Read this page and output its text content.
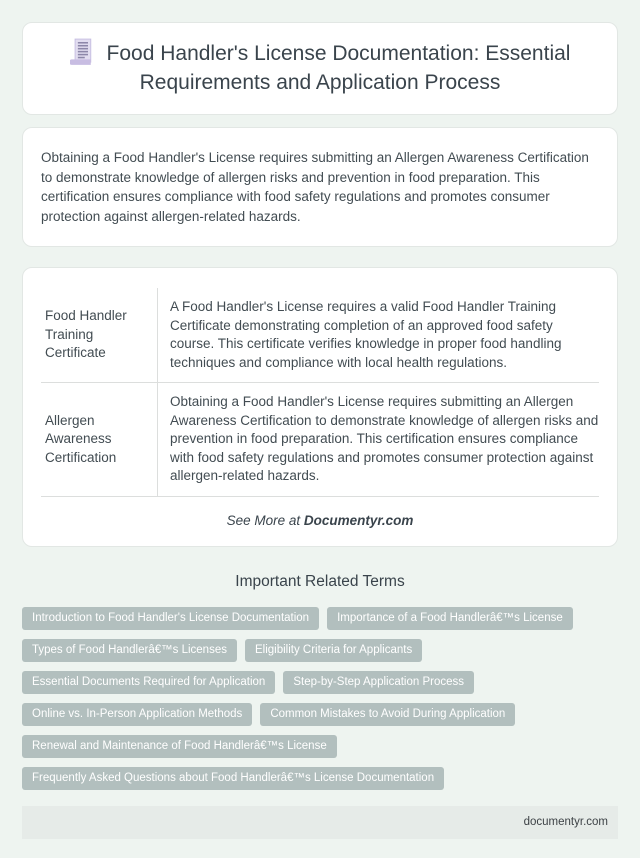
Food Handler's License Documentation: Essential Requirements and Application Process

Obtaining a Food Handler's License requires submitting an Allergen Awareness Certification to demonstrate knowledge of allergen risks and prevention in food preparation. This certification ensures compliance with food safety regulations and promotes consumer protection against allergen-related hazards.

Food Handler Training Certificate	A Food Handler's License requires a valid Food Handler Training Certificate demonstrating completion of an approved food safety course. This certificate verifies knowledge in proper food handling techniques and compliance with local health regulations.
Allergen Awareness Certification	Obtaining a Food Handler's License requires submitting an Allergen Awareness Certification to demonstrate knowledge of allergen risks and prevention in food preparation. This certification ensures compliance with food safety regulations and promotes consumer protection against allergen-related hazards.

See More at Documentyr.com

Important Related Terms
Introduction to Food Handler's License Documentation	Importance of a Food Handlerâ€™s License
Types of Food Handlerâ€™s Licenses	Eligibility Criteria for Applicants
Essential Documents Required for Application	Step-by-Step Application Process
Online vs. In-Person Application Methods	Common Mistakes to Avoid During Application
Renewal and Maintenance of Food Handlerâ€™s License
Frequently Asked Questions about Food Handlerâ€™s License Documentation
documentyr.com
